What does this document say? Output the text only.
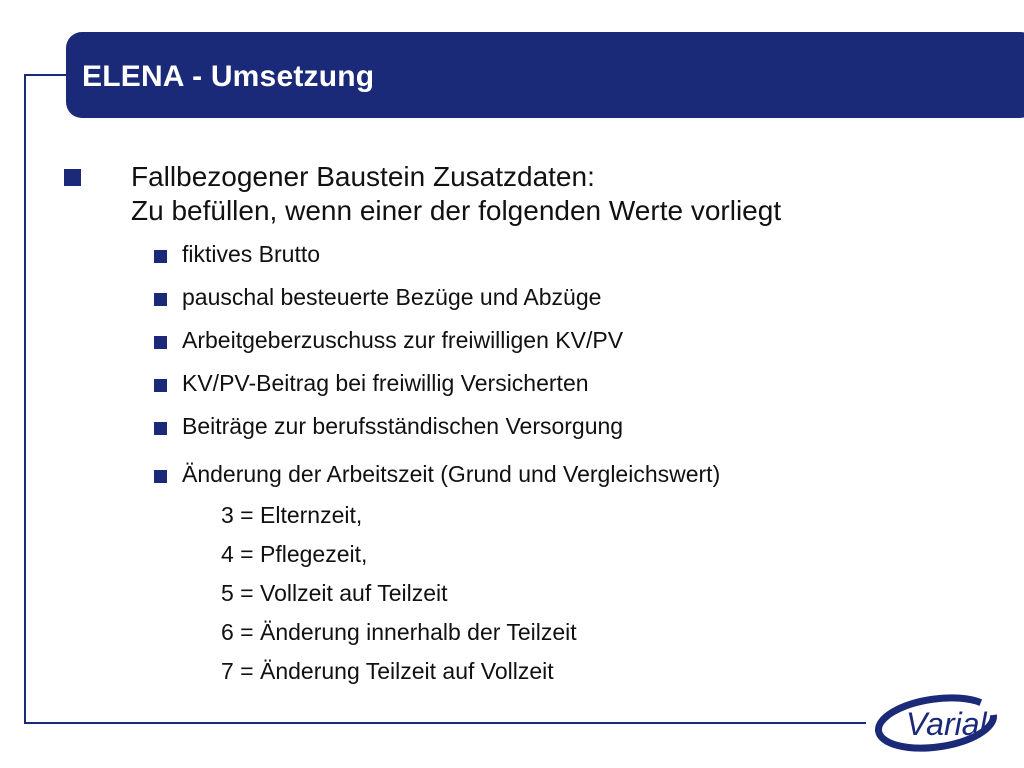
ELENA - Umsetzung
Fallbezogener Baustein Zusatzdaten:
Zu befüllen, wenn einer der folgenden Werte vorliegt
fiktives Brutto
pauschal besteuerte Bezüge und Abzüge
Arbeitgeberzuschuss zur freiwilligen KV/PV
KV/PV-Beitrag bei freiwillig Versicherten
Beiträge zur berufsständischen Versorgung
Änderung der Arbeitszeit (Grund und Vergleichswert)
3 = Elternzeit,
4 = Pflegezeit,
5 = Vollzeit auf Teilzeit
6 = Änderung innerhalb der Teilzeit
7 = Änderung Teilzeit auf Vollzeit
Varial
